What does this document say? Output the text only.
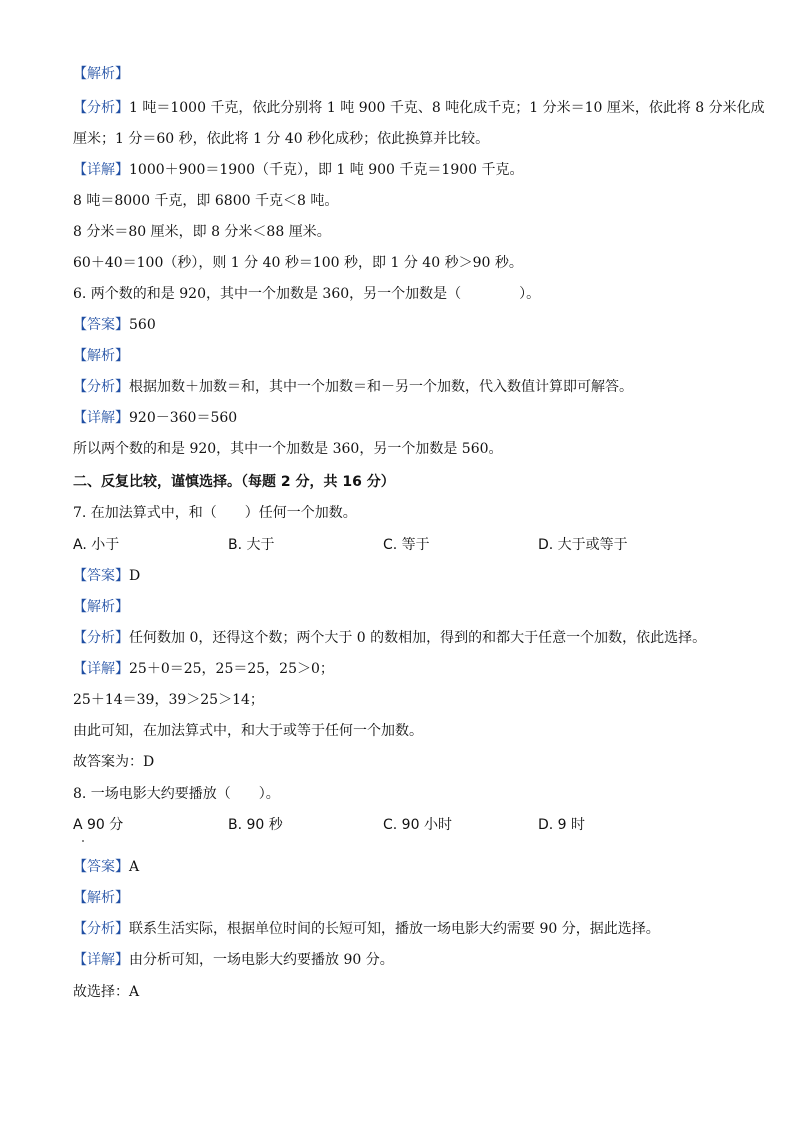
【解析】
【分析】1 吨＝1000 千克，依此分别将 1 吨 900 千克、8 吨化成千克；1 分米＝10 厘米，依此将 8 分米化成
厘米；1 分＝60 秒，依此将 1 分 40 秒化成秒；依此换算并比较。
【详解】1000＋900＝1900（千克），即 1 吨 900 千克＝1900 千克。
8 吨＝8000 千克，即 6800 千克＜8 吨。
8 分米＝80 厘米，即 8 分米＜88 厘米。
60＋40＝100（秒），则 1 分 40 秒＝100 秒，即 1 分 40 秒＞90 秒。
6. 两个数的和是 920，其中一个加数是 360，另一个加数是（	）。
【答案】560
【解析】
【分析】根据加数＋加数＝和，其中一个加数＝和－另一个加数，代入数值计算即可解答。
【详解】920－360＝560
所以两个数的和是 920，其中一个加数是 360，另一个加数是 560。
二、反复比较，谨慎选择。（每题 2 分，共 16 分）
7. 在加法算式中，和（　　）任何一个加数。
A. 小于	B. 大于	C. 等于	D. 大于或等于
【答案】D
【解析】
【分析】任何数加 0，还得这个数；两个大于 0 的数相加，得到的和都大于任意一个加数，依此选择。
【详解】25＋0＝25，25＝25，25＞0；
25＋14＝39，39＞25＞14；
由此可知，在加法算式中，和大于或等于任何一个加数。
故答案为：D
8. 一场电影大约要播放（　　）。
A 90 分	B. 90 秒	C. 90 小时	D. 9 时
【答案】A
【解析】
【分析】联系生活实际，根据单位时间的长短可知，播放一场电影大约需要 90 分，据此选择。
【详解】由分析可知，一场电影大约要播放 90 分。
故选择：A
